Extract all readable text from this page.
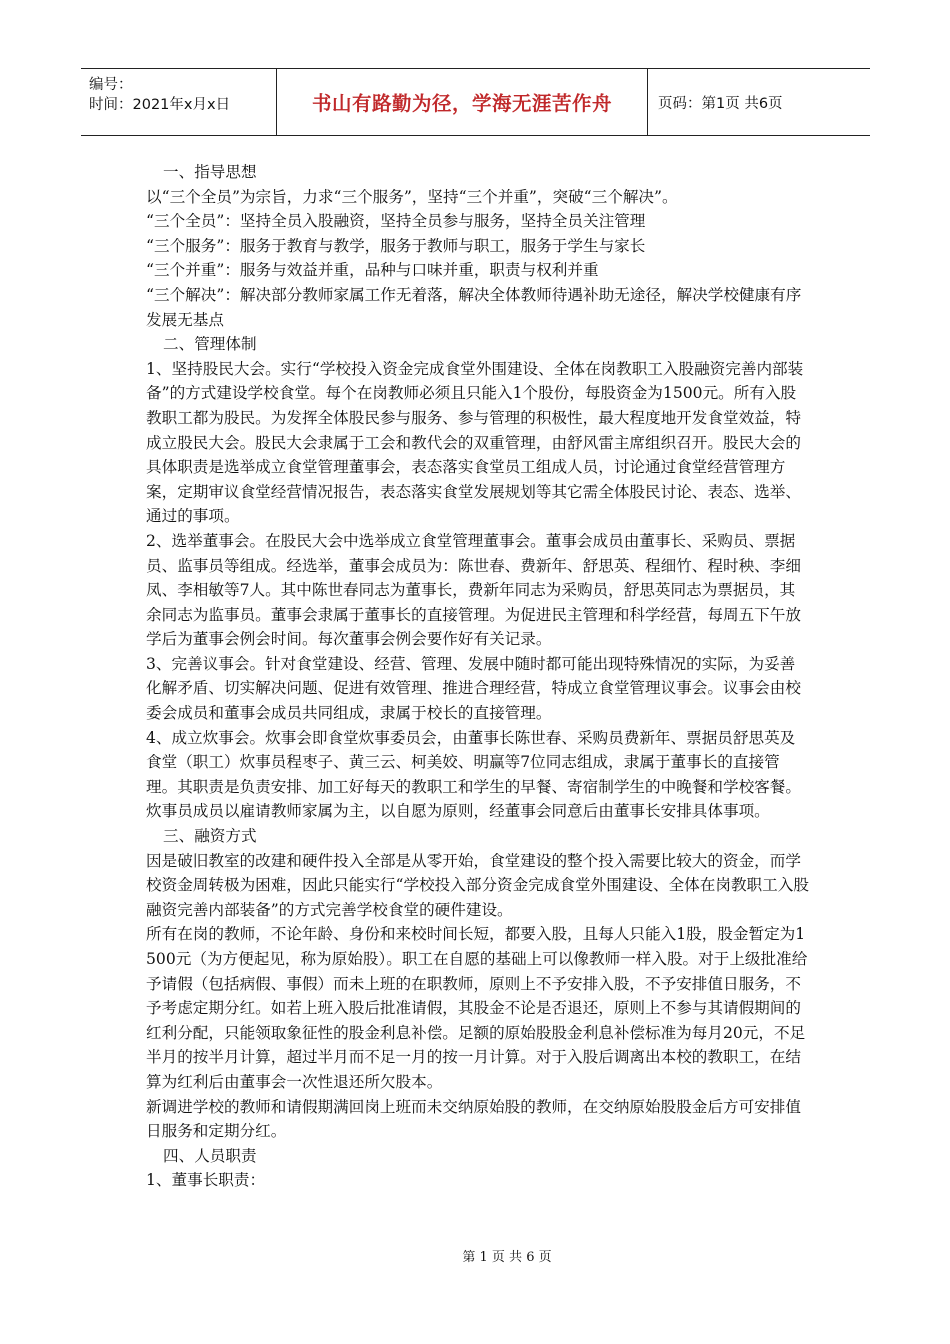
编号：
时间：2021年x月x日	书山有路勤为径，学海无涯苦作舟	页码：第1页 共6页

一、指导思想

以“三个全员”为宗旨，力求“三个服务”，坚持“三个并重”，突破“三个解决”。

“三个全员”：坚持全员入股融资，坚持全员参与服务，坚持全员关注管理

“三个服务”：服务于教育与教学，服务于教师与职工，服务于学生与家长

“三个并重”：服务与效益并重，品种与口味并重，职责与权利并重

“三个解决”：解决部分教师家属工作无着落，解决全体教师待遇补助无途径，解决学校健康有序发展无基点

二、管理体制

1、坚持股民大会。实行“学校投入资金完成食堂外围建设、全体在岗教职工入股融资完善内部装备”的方式建设学校食堂。每个在岗教师必须且只能入1个股份，每股资金为1500元。所有入股教职工都为股民。为发挥全体股民参与服务、参与管理的积极性，最大程度地开发食堂效益，特成立股民大会。股民大会隶属于工会和教代会的双重管理，由舒风雷主席组织召开。股民大会的具体职责是选举成立食堂管理董事会，表态落实食堂员工组成人员，讨论通过食堂经营管理方案，定期审议食堂经营情况报告，表态落实食堂发展规划等其它需全体股民讨论、表态、选举、通过的事项。

2、选举董事会。在股民大会中选举成立食堂管理董事会。董事会成员由董事长、采购员、票据员、监事员等组成。经选举，董事会成员为：陈世春、费新年、舒思英、程细竹、程时秧、李细凤、李相敏等7人。其中陈世春同志为董事长，费新年同志为采购员，舒思英同志为票据员，其余同志为监事员。董事会隶属于董事长的直接管理。为促进民主管理和科学经营，每周五下午放学后为董事会例会时间。每次董事会例会要作好有关记录。

3、完善议事会。针对食堂建设、经营、管理、发展中随时都可能出现特殊情况的实际，为妥善化解矛盾、切实解决问题、促进有效管理、推进合理经营，特成立食堂管理议事会。议事会由校委会成员和董事会成员共同组成，隶属于校长的直接管理。

4、成立炊事会。炊事会即食堂炊事委员会，由董事长陈世春、采购员费新年、票据员舒思英及食堂（职工）炊事员程枣子、黄三云、柯美姣、明赢等7位同志组成，隶属于董事长的直接管理。其职责是负责安排、加工好每天的教职工和学生的早餐、寄宿制学生的中晚餐和学校客餐。

炊事员成员以雇请教师家属为主，以自愿为原则，经董事会同意后由董事长安排具体事项。

三、融资方式

因是破旧教室的改建和硬件投入全部是从零开始，食堂建设的整个投入需要比较大的资金，而学校资金周转极为困难，因此只能实行“学校投入部分资金完成食堂外围建设、全体在岗教职工入股融资完善内部装备”的方式完善学校食堂的硬件建设。

所有在岗的教师，不论年龄、身份和来校时间长短，都要入股，且每人只能入1股，股金暂定为1500元（为方便起见，称为原始股）。职工在自愿的基础上可以像教师一样入股。对于上级批准给予请假（包括病假、事假）而未上班的在职教师，原则上不予安排入股，不予安排值日服务，不予考虑定期分红。如若上班入股后批准请假，其股金不论是否退还，原则上不参与其请假期间的红利分配，只能领取象征性的股金利息补偿。足额的原始股股金利息补偿标准为每月20元，不足半月的按半月计算，超过半月而不足一月的按一月计算。对于入股后调离出本校的教职工，在结算为红利后由董事会一次性退还所欠股本。

新调进学校的教师和请假期满回岗上班而未交纳原始股的教师，在交纳原始股股金后方可安排值日服务和定期分红。

四、人员职责

1、董事长职责：

第 1 页 共 6 页
